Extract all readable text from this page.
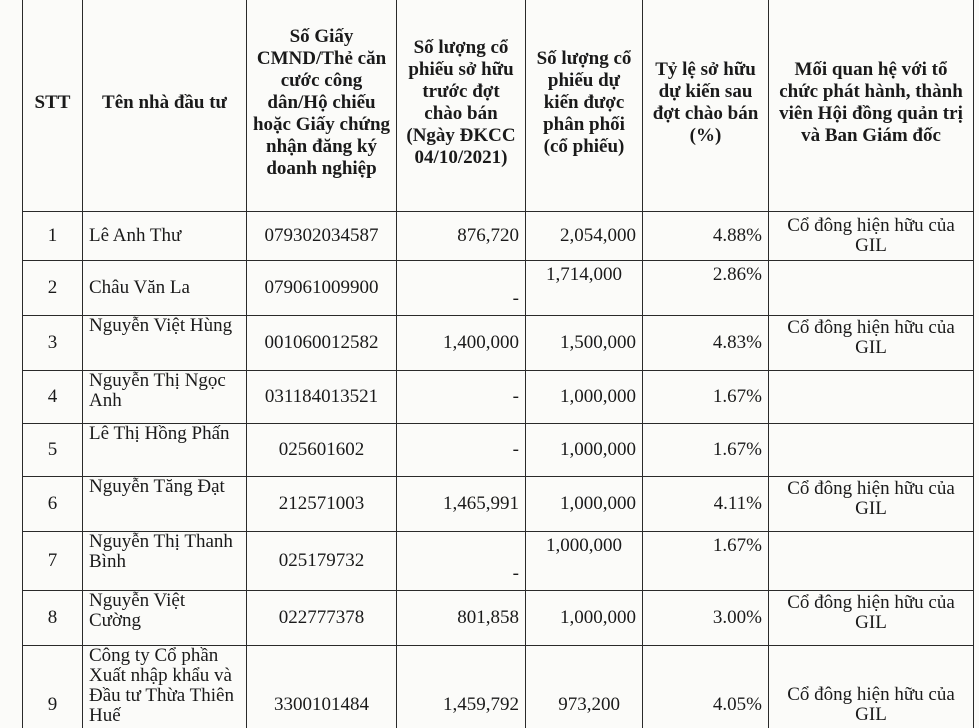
STT	Tên nhà đầu tư	Số Giấy CMND/Thẻ căn cước công dân/Hộ chiếu hoặc Giấy chứng nhận đăng ký doanh nghiệp	Số lượng cổ phiếu sở hữu trước đợt chào bán (Ngày ĐKCC 04/10/2021)	Số lượng cổ phiếu dự kiến được phân phối (cổ phiếu)	Tỷ lệ sở hữu dự kiến sau đợt chào bán (%)	Mối quan hệ với tổ chức phát hành, thành viên Hội đồng quản trị và Ban Giám đốc
1	Lê Anh Thư	079302034587	876,720	2,054,000	4.88%	Cổ đông hiện hữu của GIL
2	Châu Văn La	079061009900	-	1,714,000	2.86%	
3	Nguyễn Việt Hùng	001060012582	1,400,000	1,500,000	4.83%	Cổ đông hiện hữu của GIL
4	Nguyễn Thị Ngọc Anh	031184013521	-	1,000,000	1.67%	
5	Lê Thị Hồng Phấn	025601602	-	1,000,000	1.67%	
6	Nguyễn Tăng Đạt	212571003	1,465,991	1,000,000	4.11%	Cổ đông hiện hữu của GIL
7	Nguyễn Thị Thanh Bình	025179732	-	1,000,000	1.67%	
8	Nguyễn Việt Cường	022777378	801,858	1,000,000	3.00%	Cổ đông hiện hữu của GIL
9	Công ty Cổ phần Xuất nhập khẩu và Đầu tư Thừa Thiên Huế	3300101484	1,459,792	973,200	4.05%	Cổ đông hiện hữu của GIL
